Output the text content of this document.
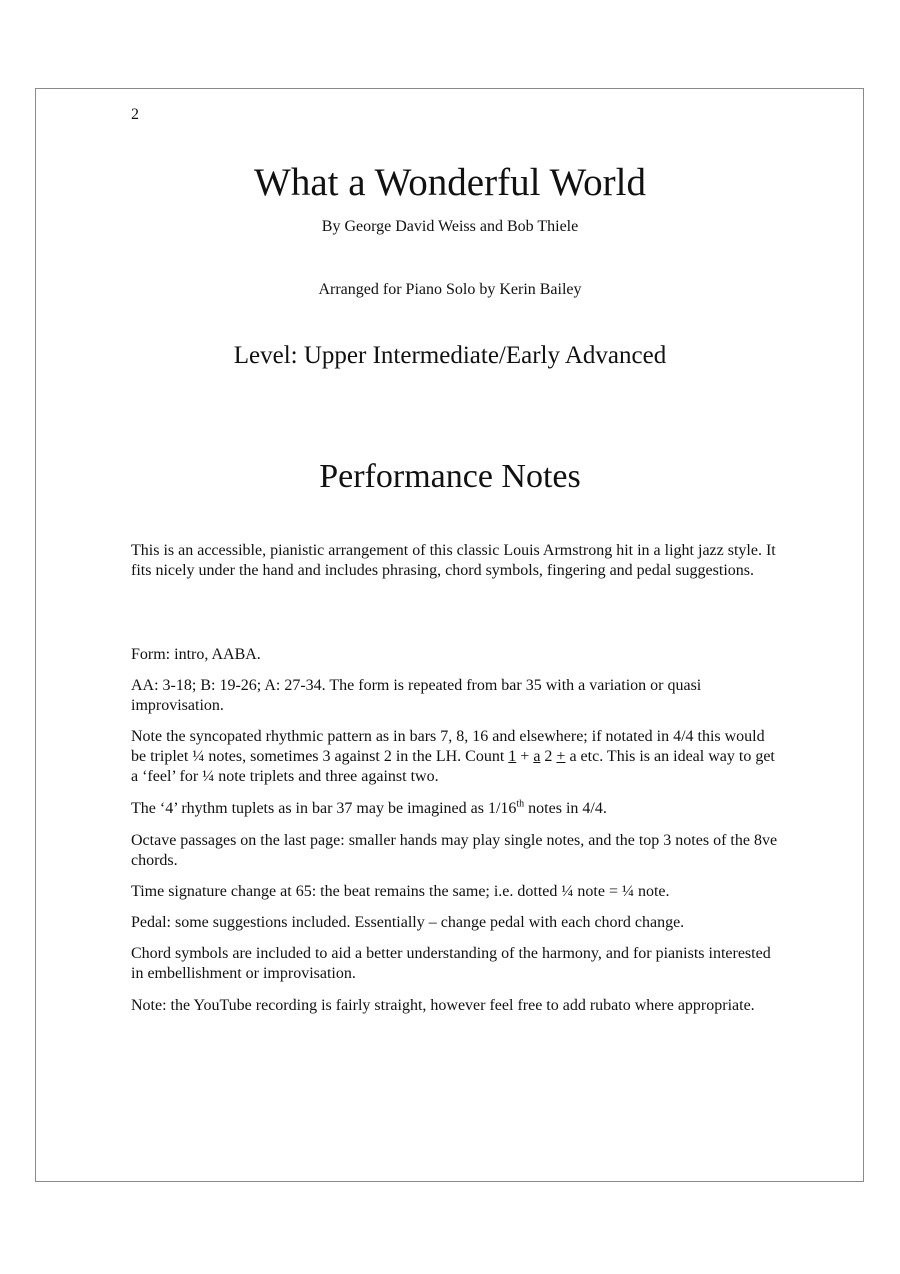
2
What a Wonderful World
By George David Weiss and Bob Thiele
Arranged for Piano Solo by Kerin Bailey
Level: Upper Intermediate/Early Advanced
Performance Notes
This is an accessible, pianistic arrangement of this classic Louis Armstrong hit in a light jazz style. It fits nicely under the hand and includes phrasing, chord symbols, fingering and pedal suggestions.
Form: intro, AABA.
AA: 3-18; B: 19-26; A: 27-34. The form is repeated from bar 35 with a variation or quasi improvisation.
Note the syncopated rhythmic pattern as in bars 7, 8, 16 and elsewhere; if notated in 4/4 this would be triplet ¼ notes, sometimes 3 against 2 in the LH. Count 1 + a 2 + a etc. This is an ideal way to get a ‘feel’ for ¼ note triplets and three against two.
The ‘4’ rhythm tuplets as in bar 37 may be imagined as 1/16th notes in 4/4.
Octave passages on the last page: smaller hands may play single notes, and the top 3 notes of the 8ve chords.
Time signature change at 65: the beat remains the same; i.e. dotted ¼ note = ¼ note.
Pedal: some suggestions included. Essentially – change pedal with each chord change.
Chord symbols are included to aid a better understanding of the harmony, and for pianists interested in embellishment or improvisation.
Note: the YouTube recording is fairly straight, however feel free to add rubato where appropriate.
